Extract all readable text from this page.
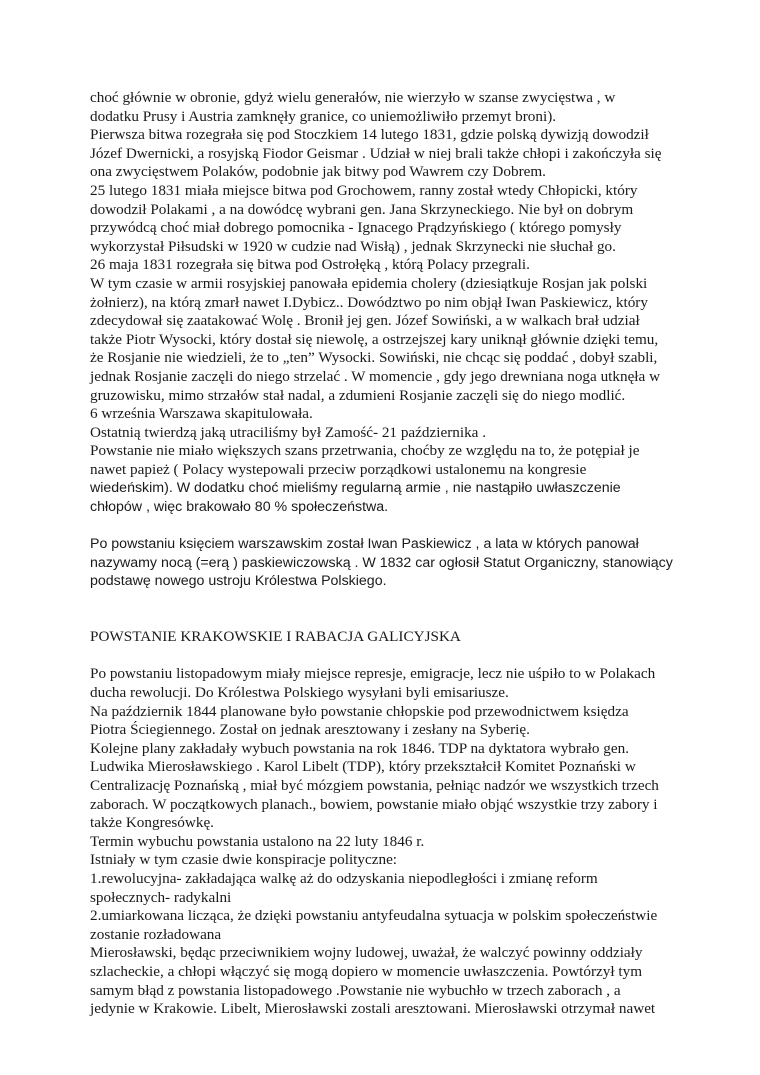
choć głównie w obronie, gdyż wielu generałów, nie wierzyło w szanse zwycięstwa , w
dodatku Prusy i Austria zamknęły granice, co uniemożliwiło przemyt broni).
Pierwsza bitwa rozegrała się pod Stoczkiem 14 lutego 1831, gdzie polską dywizją dowodził
Józef Dwernicki, a rosyjską Fiodor Geismar . Udział w niej brali także chłopi i zakończyła się
ona zwycięstwem Polaków, podobnie jak bitwy pod Wawrem czy Dobrem.
25 lutego 1831 miała miejsce bitwa pod Grochowem, ranny został wtedy Chłopicki, który
dowodził Polakami , a na dowódcę wybrani gen. Jana Skrzyneckiego. Nie był on dobrym
przywódcą choć miał dobrego pomocnika - Ignacego Prądzyńskiego ( którego pomysły
wykorzystał Piłsudski w 1920 w cudzie nad Wisłą) , jednak Skrzynecki nie słuchał go.
26 maja 1831 rozegrała się bitwa pod Ostrołęką , którą Polacy przegrali.
W tym czasie w armii rosyjskiej panowała epidemia cholery (dziesiątkuje Rosjan jak polski
żołnierz), na którą zmarł nawet I.Dybicz.. Dowództwo po nim objął Iwan Paskiewicz, który
zdecydował się zaatakować Wolę . Bronił jej gen. Józef Sowiński, a w walkach brał udział
także Piotr Wysocki, który dostał się niewolę, a ostrzejszej kary uniknął głównie dzięki temu,
że Rosjanie nie wiedzieli, że to „ten” Wysocki. Sowiński, nie chcąc się poddać , dobył szabli,
jednak Rosjanie zaczęli do niego strzelać . W momencie , gdy jego drewniana noga utknęła w
gruzowisku, mimo strzałów stał nadal, a zdumieni Rosjanie zaczęli się do niego modlić.
6 września Warszawa skapitulowała.
Ostatnią twierdzą jaką utraciliśmy był Zamość- 21 października .
Powstanie nie miało większych szans przetrwania, choćby ze względu na to, że potępiał je
nawet papież ( Polacy wystepowali przeciw porządkowi ustalonemu na kongresie
wiedeńskim). W dodatku choć mieliśmy regularną armie , nie nastąpiło uwłaszczenie
chłopów , więc brakowało 80 % społeczeństwa.
Po powstaniu księciem warszawskim został Iwan Paskiewicz , a lata w których panował
nazywamy nocą (=erą ) paskiewiczowską . W 1832 car ogłosił Statut Organiczny, stanowiący
podstawę nowego ustroju Królestwa Polskiego.
POWSTANIE KRAKOWSKIE I RABACJA GALICYJSKA
Po powstaniu listopadowym miały miejsce represje, emigracje, lecz nie uśpiło to w Polakach
ducha rewolucji. Do Królestwa Polskiego wysyłani byli emisariusze.
Na październik 1844 planowane było powstanie chłopskie pod przewodnictwem księdza
Piotra Ściegiennego. Został on jednak aresztowany i zesłany na Syberię.
Kolejne plany zakładały wybuch powstania na rok 1846. TDP na dyktatora wybrało gen.
Ludwika Mierosławskiego . Karol Libelt (TDP), który przekształcił Komitet Poznański w
Centralizację Poznańską , miał być mózgiem powstania, pełniąc nadzór we wszystkich trzech
zaborach. W początkowych planach., bowiem, powstanie miało objąć wszystkie trzy zabory i
także Kongresówkę.
Termin wybuchu powstania ustalono na 22 luty 1846 r.
Istniały w tym czasie dwie konspiracje polityczne:
1.rewolucyjna- zakładająca walkę aż do odzyskania niepodległości i zmianę reform
społecznych- radykalni
2.umiarkowana licząca, że dzięki powstaniu antyfeudalna sytuacja w polskim społeczeństwie
zostanie rozładowana
Mierosławski, będąc przeciwnikiem wojny ludowej, uważał, że walczyć powinny oddziały
szlacheckie, a chłopi włączyć się mogą dopiero w momencie uwłaszczenia. Powtórzył tym
samym błąd z powstania listopadowego .Powstanie nie wybuchło w trzech zaborach , a
jedynie w Krakowie. Libelt, Mierosławski zostali aresztowani. Mierosławski otrzymał nawet
